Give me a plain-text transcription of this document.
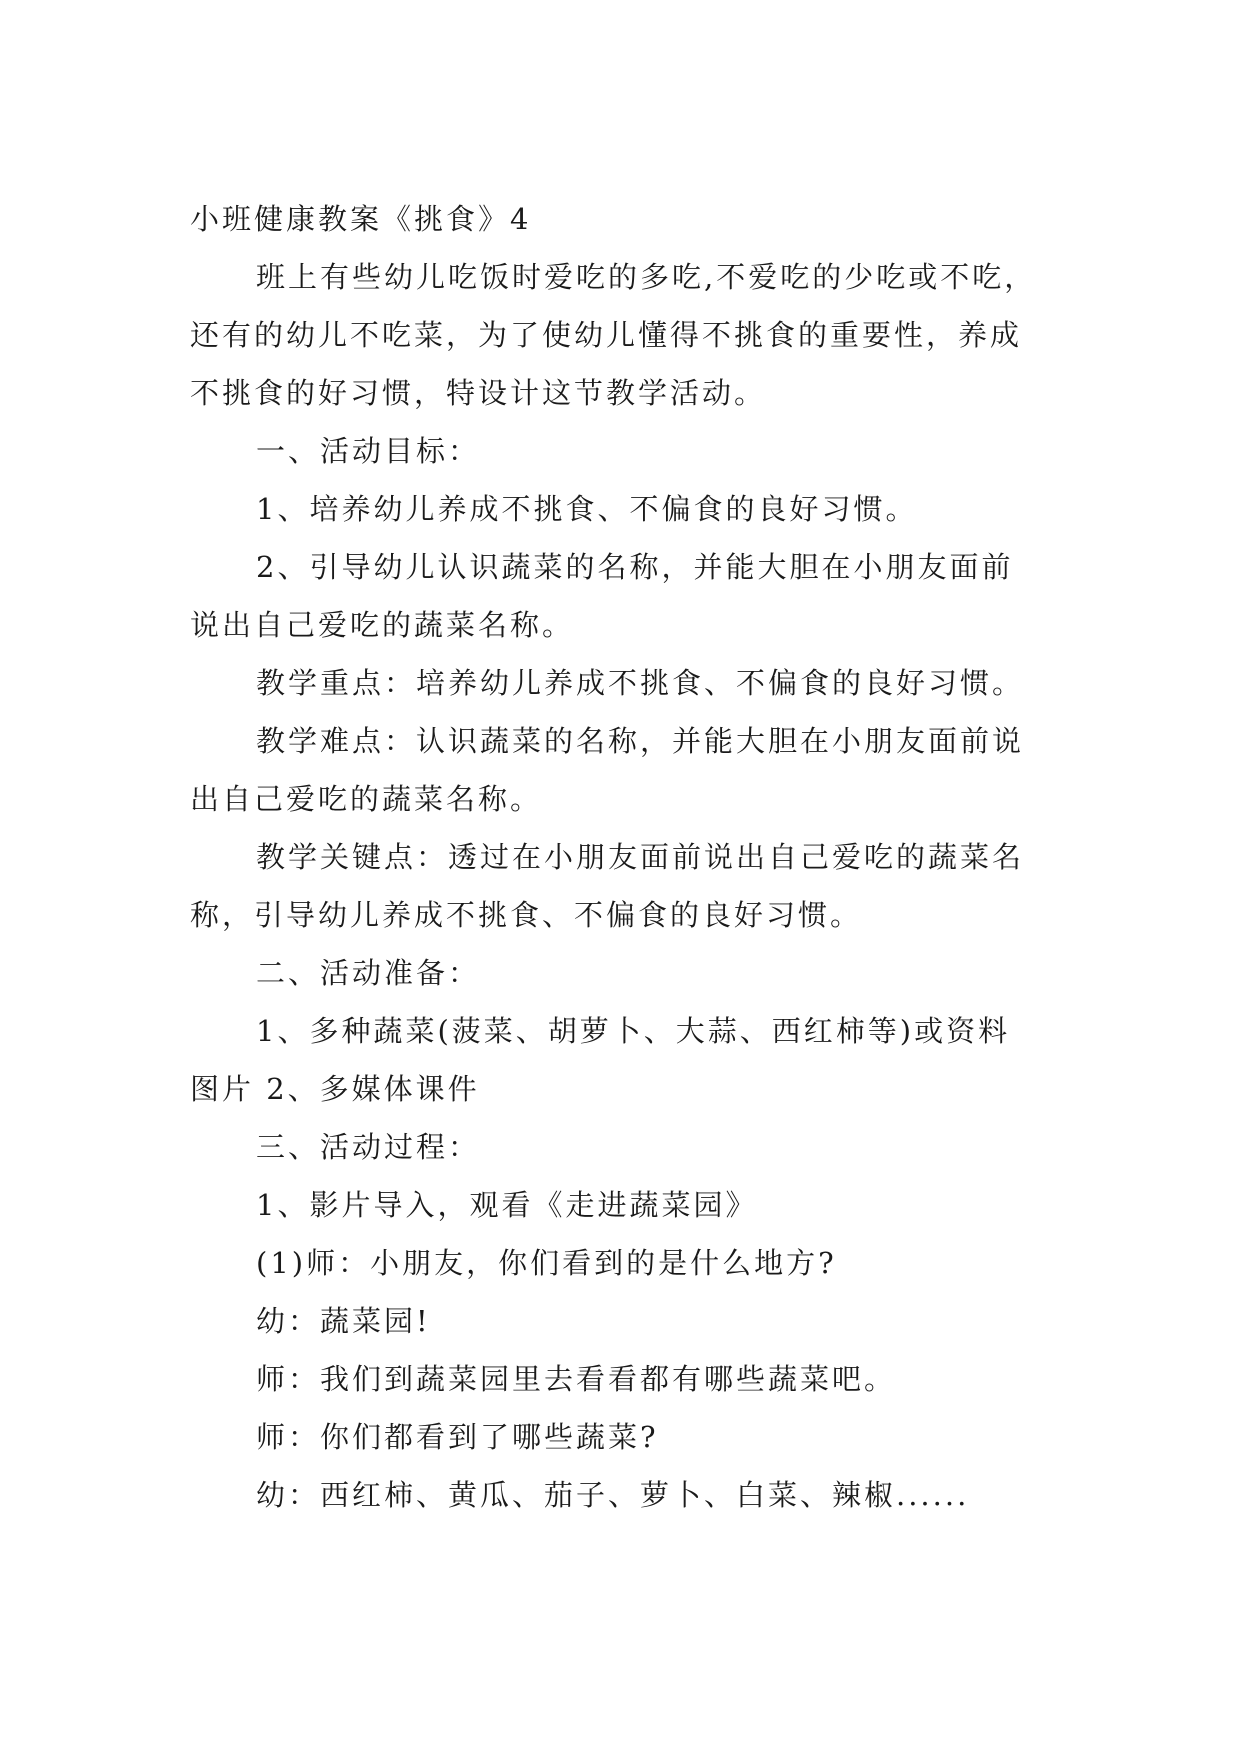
小班健康教案《挑食》4

班上有些幼儿吃饭时爱吃的多吃,不爱吃的少吃或不吃，
还有的幼儿不吃菜，为了使幼儿懂得不挑食的重要性，养成
不挑食的好习惯，特设计这节教学活动。

一、活动目标：

1、培养幼儿养成不挑食、不偏食的良好习惯。

2、引导幼儿认识蔬菜的名称，并能大胆在小朋友面前
说出自己爱吃的蔬菜名称。

教学重点：培养幼儿养成不挑食、不偏食的良好习惯。

教学难点：认识蔬菜的名称，并能大胆在小朋友面前说
出自己爱吃的蔬菜名称。

教学关键点：透过在小朋友面前说出自己爱吃的蔬菜名
称，引导幼儿养成不挑食、不偏食的良好习惯。

二、活动准备：

1、多种蔬菜(菠菜、胡萝卜、大蒜、西红柿等)或资料
图片 2、多媒体课件

三、活动过程：

1、影片导入，观看《走进蔬菜园》

(1)师：小朋友，你们看到的是什么地方?

幼：蔬菜园!

师：我们到蔬菜园里去看看都有哪些蔬菜吧。

师：你们都看到了哪些蔬菜?

幼：西红柿、黄瓜、茄子、萝卜、白菜、辣椒......
